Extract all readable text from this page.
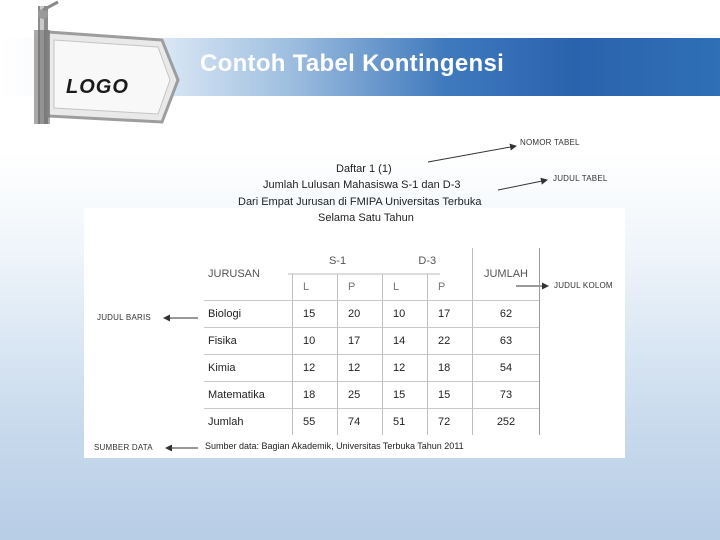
LOGO
Contoh Tabel Kontingensi
Daftar 1 (1)
Jumlah Lulusan Mahasiswa S-1 dan D-3
Dari Empat Jurusan di FMIPA Universitas Terbuka
Selama Satu Tahun
NOMOR TABEL
JUDUL TABEL
JUDUL KOLOM
JUDUL BARIS
SUMBER DATA
JURUSAN	S-1		D-3		JUMLAH
	L	P	L	P	
Biologi	15	20	10	17	62
Fisika	10	17	14	22	63
Kimia	12	12	12	18	54
Matematika	18	25	15	15	73
Jumlah	55	74	51	72	252
Sumber data: Bagian Akademik, Universitas Terbuka Tahun 2011
